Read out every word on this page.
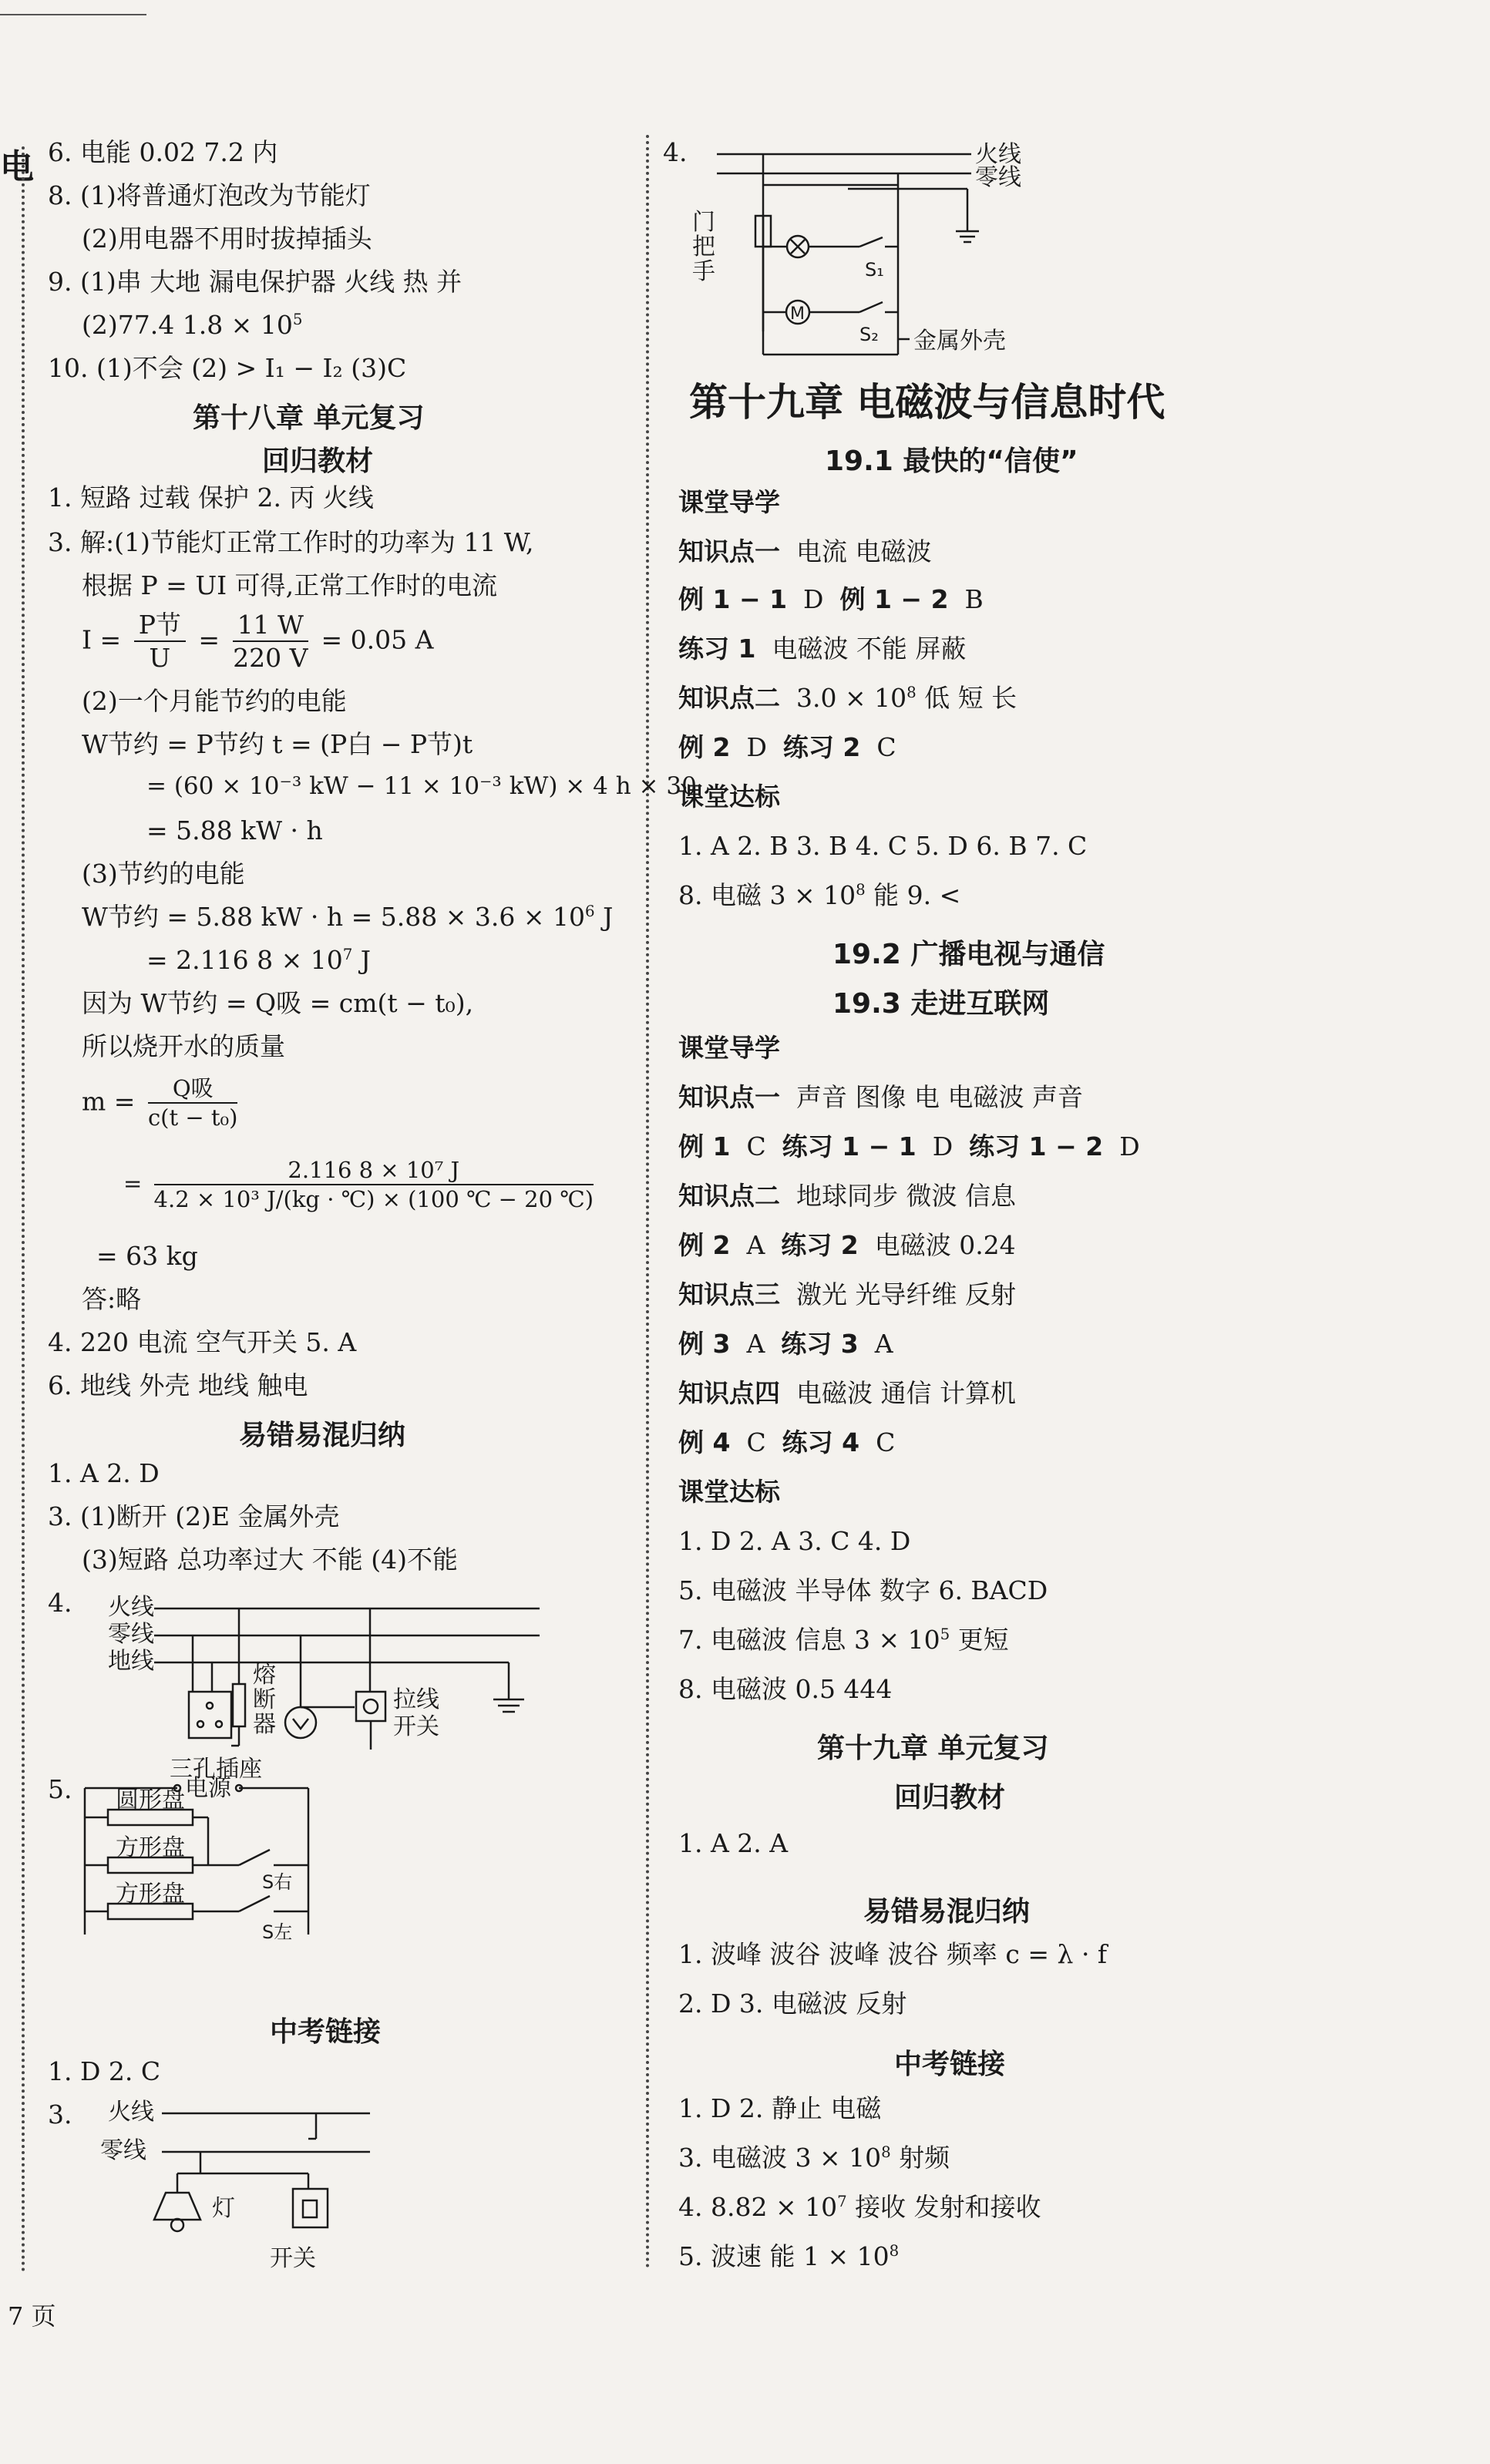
电 6. 电能 0.02 7.2 内
8. (1)将普通灯泡改为节能灯
(2)用电器不用时拔掉插头
9. (1)串 大地 漏电保护器 火线 热 并
(2)77.4 $1.8 \times 10^5$
10. (1)不会 (2) > I₁ − I₂ (3)C
第十八章 单元复习
回归教材
1. 短路 过载 保护 2. 丙 火线
3. 解:(1)节能灯正常工作时的功率为 11 W,
根据 P = UI 可得,正常工作时的电流
$I = \frac{\text{P节}}{U} = \frac{11 W}{220 V} = 0.05$ A
(2)一个月能节约的电能
W节约 = P节约 t = (P白 − P节)t
= (60 × 10⁻³ kW − 11 × 10⁻³ kW) × 4 h × 30
= 5.88 kW · h
(3)节约的电能
W节约 = 5.88 kW · $h = 5.88 \times 3.6 \times 10^6$ J
= 2.116 $8 \times 10^7$ J
因为 W节约 = Q吸 = cm(t − t₀),
所以烧开水的质量
$m = \frac{\text{Q吸}}{\text{c(t − t₀)}}$
= $\frac{\text{2.116 8 × 10⁷ J}}{\text{4.2 × 10³ J/(kg · ℃) × (100 ℃ − 20 ℃)}}$
= 63 kg
答:略
4. 220 电流 空气开关 5. A
6. 地线 外壳 地线 触电
易错易混归纳
1. A 2. D
3. (1)断开 (2)E 金属外壳
(3)短路 总功率过大 不能 (4)不能
4. 火线
零线
地线
熔
断
器
三孔插座
拉线
开关
5.	电源
圆形盘
方形盘
S右
方形盘
S左
中考链接
1. D 2. C
3. 火线
零线
灯
开关
4.	火线
零线
门
把
手	S₁
M
S₂ 金属外壳
第十九章 电磁波与信息时代
19.1 最快的“信使”
课堂导学
知识点一 电流 电磁波
例 1 − 1 D 例 1 − 2 B
练习 1 电磁波 不能 屏蔽
知识点二 $3.0 \times 10^8$ 低 短 长
例 2 D 练习 2 C
课堂达标
1. A 2. B 3. B 4. C 5. D 6. B 7. C
8. 电磁 $3 \times 10^8$ 能 9. <
19.2 广播电视与通信
19.3 走进互联网
课堂导学
知识点一 声音 图像 电 电磁波 声音
例 1 C 练习 1 − 1 D 练习 1 − 2 D
知识点二 地球同步 微波 信息
例 2 A 练习 2 电磁波 0.24
知识点三 激光 光导纤维 反射
例 3 A 练习 3 A
知识点四 电磁波 通信 计算机
例 4 C 练习 4 C
课堂达标
1. D 2. A 3. C 4. D
5. 电磁波 半导体 数字 6. BACD
7. 电磁波 信息 $3 \times 10^5$ 更短
8. 电磁波 0.5 444
第十九章 单元复习
回归教材
1. A 2. A
易错易混归纳
1. 波峰 波谷 波峰 波谷 频率 c = λ · f
2. D 3. 电磁波 反射
中考链接
1. D 2. 静止 电磁
3. 电磁波 $3 \times 10^8$ 射频
4. $8.82 \times 10^7$ 接收 发射和接收
5. 波速 能 $1 \times 10^8$
7 页
